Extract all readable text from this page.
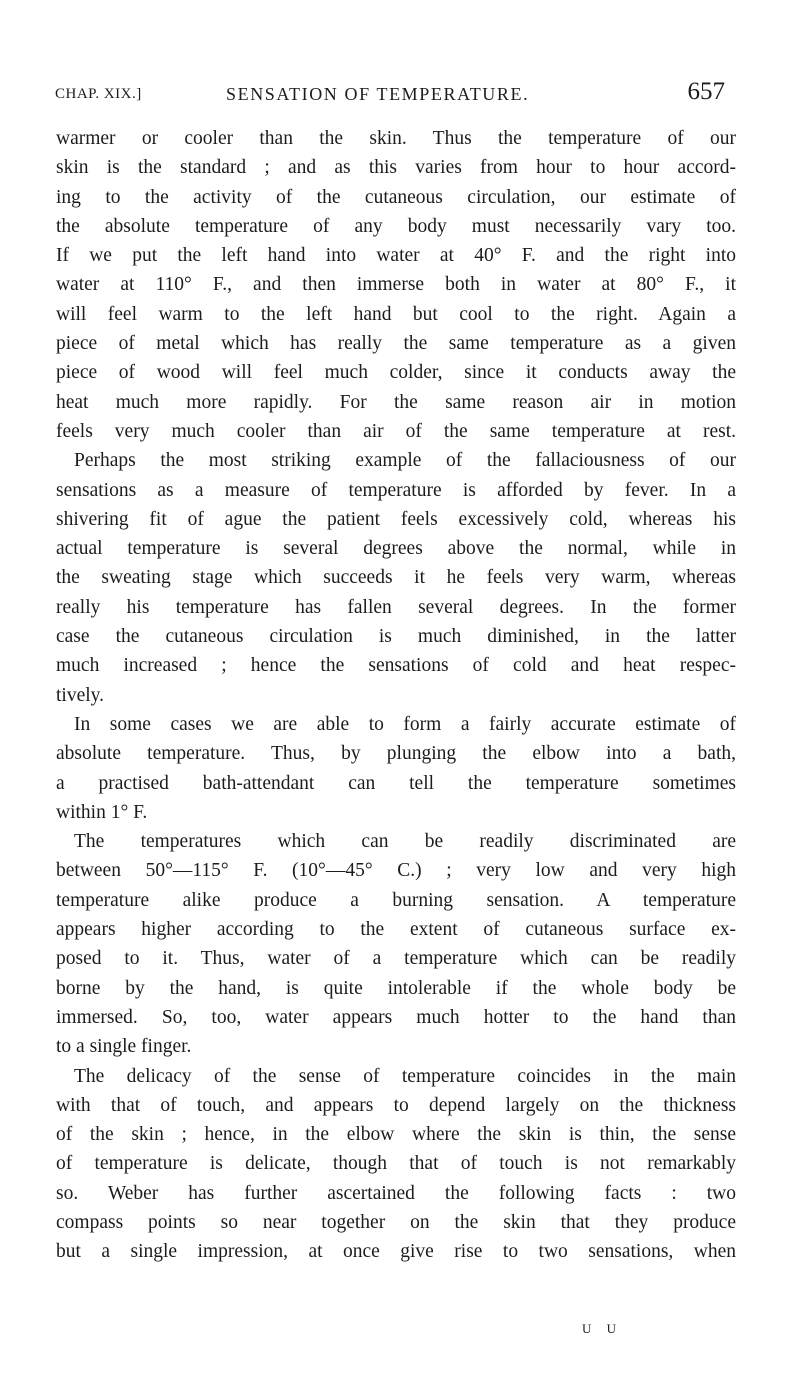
CHAP. XIX.]	SENSATION OF TEMPERATURE.	657
warmer or cooler than the skin. Thus the temperature of our
skin is the standard ; and as this varies from hour to hour accord-
ing to the activity of the cutaneous circulation, our estimate of
the absolute temperature of any body must necessarily vary too.
If we put the left hand into water at 40° F. and the right into
water at 110° F., and then immerse both in water at 80° F., it
will feel warm to the left hand but cool to the right. Again a
piece of metal which has really the same temperature as a given
piece of wood will feel much colder, since it conducts away the
heat much more rapidly. For the same reason air in motion
feels very much cooler than air of the same temperature at rest.
Perhaps the most striking example of the fallaciousness of our
sensations as a measure of temperature is afforded by fever. In a
shivering fit of ague the patient feels excessively cold, whereas his
actual temperature is several degrees above the normal, while in
the sweating stage which succeeds it he feels very warm, whereas
really his temperature has fallen several degrees. In the former
case the cutaneous circulation is much diminished, in the latter
much increased ; hence the sensations of cold and heat respec-
tively.
In some cases we are able to form a fairly accurate estimate of
absolute temperature. Thus, by plunging the elbow into a bath,
a practised bath-attendant can tell the temperature sometimes
within 1° F.
The temperatures which can be readily discriminated are
between 50°—115° F. (10°—45° C.) ; very low and very high
temperature alike produce a burning sensation. A temperature
appears higher according to the extent of cutaneous surface ex-
posed to it. Thus, water of a temperature which can be readily
borne by the hand, is quite intolerable if the whole body be
immersed. So, too, water appears much hotter to the hand than
to a single finger.
The delicacy of the sense of temperature coincides in the main
with that of touch, and appears to depend largely on the thickness
of the skin ; hence, in the elbow where the skin is thin, the sense
of temperature is delicate, though that of touch is not remarkably
so. Weber has further ascertained the following facts : two
compass points so near together on the skin that they produce
but a single impression, at once give rise to two sensations, when
U U
